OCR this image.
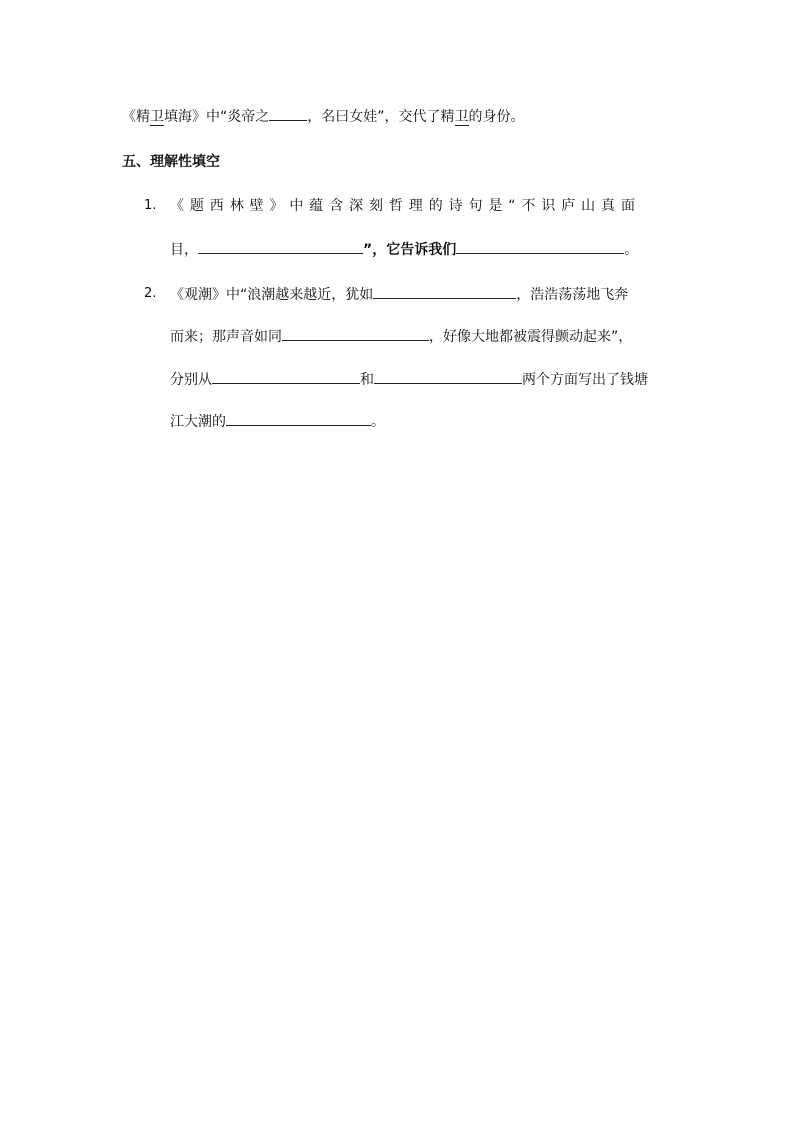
《精卫填海》中“炎帝之	，名曰女娃”，交代了精卫的身份。
五、理解性填空
1. 《题西林壁》中蕴含深刻哲理的诗句是“不识庐山真面
目，	”，它告诉我们	。
2. 《观潮》中“浪潮越来越近，犹如	，浩浩荡荡地飞奔
而来；那声音如同	，好像大地都被震得颤动起来”，
分别从	和	两个方面写出了钱塘
江大潮的	。
